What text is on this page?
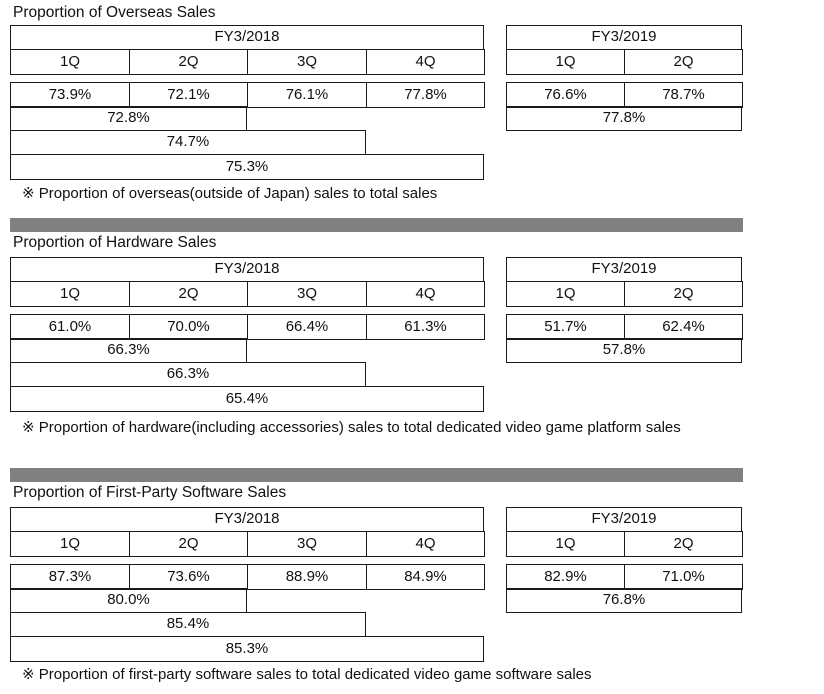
Proportion of Overseas Sales
FY3/2018
1Q
73.9%
2Q
72.1%
3Q
76.1%
4Q
77.8%
72.8%
74.7%
75.3%
FY3/2019
1Q
76.6%
2Q
78.7%
77.8%
※ Proportion of overseas(outside of Japan) sales to total sales
Proportion of Hardware Sales
FY3/2018
1Q
61.0%
2Q
70.0%
3Q
66.4%
4Q
61.3%
66.3%
66.3%
65.4%
FY3/2019
1Q
51.7%
2Q
62.4%
57.8%
※ Proportion of hardware(including accessories) sales to total dedicated video game platform sales
Proportion of First-Party Software Sales
FY3/2018
1Q
87.3%
2Q
73.6%
3Q
88.9%
4Q
84.9%
80.0%
85.4%
85.3%
FY3/2019
1Q
82.9%
2Q
71.0%
76.8%
※ Proportion of first-party software sales to total dedicated video game software sales
